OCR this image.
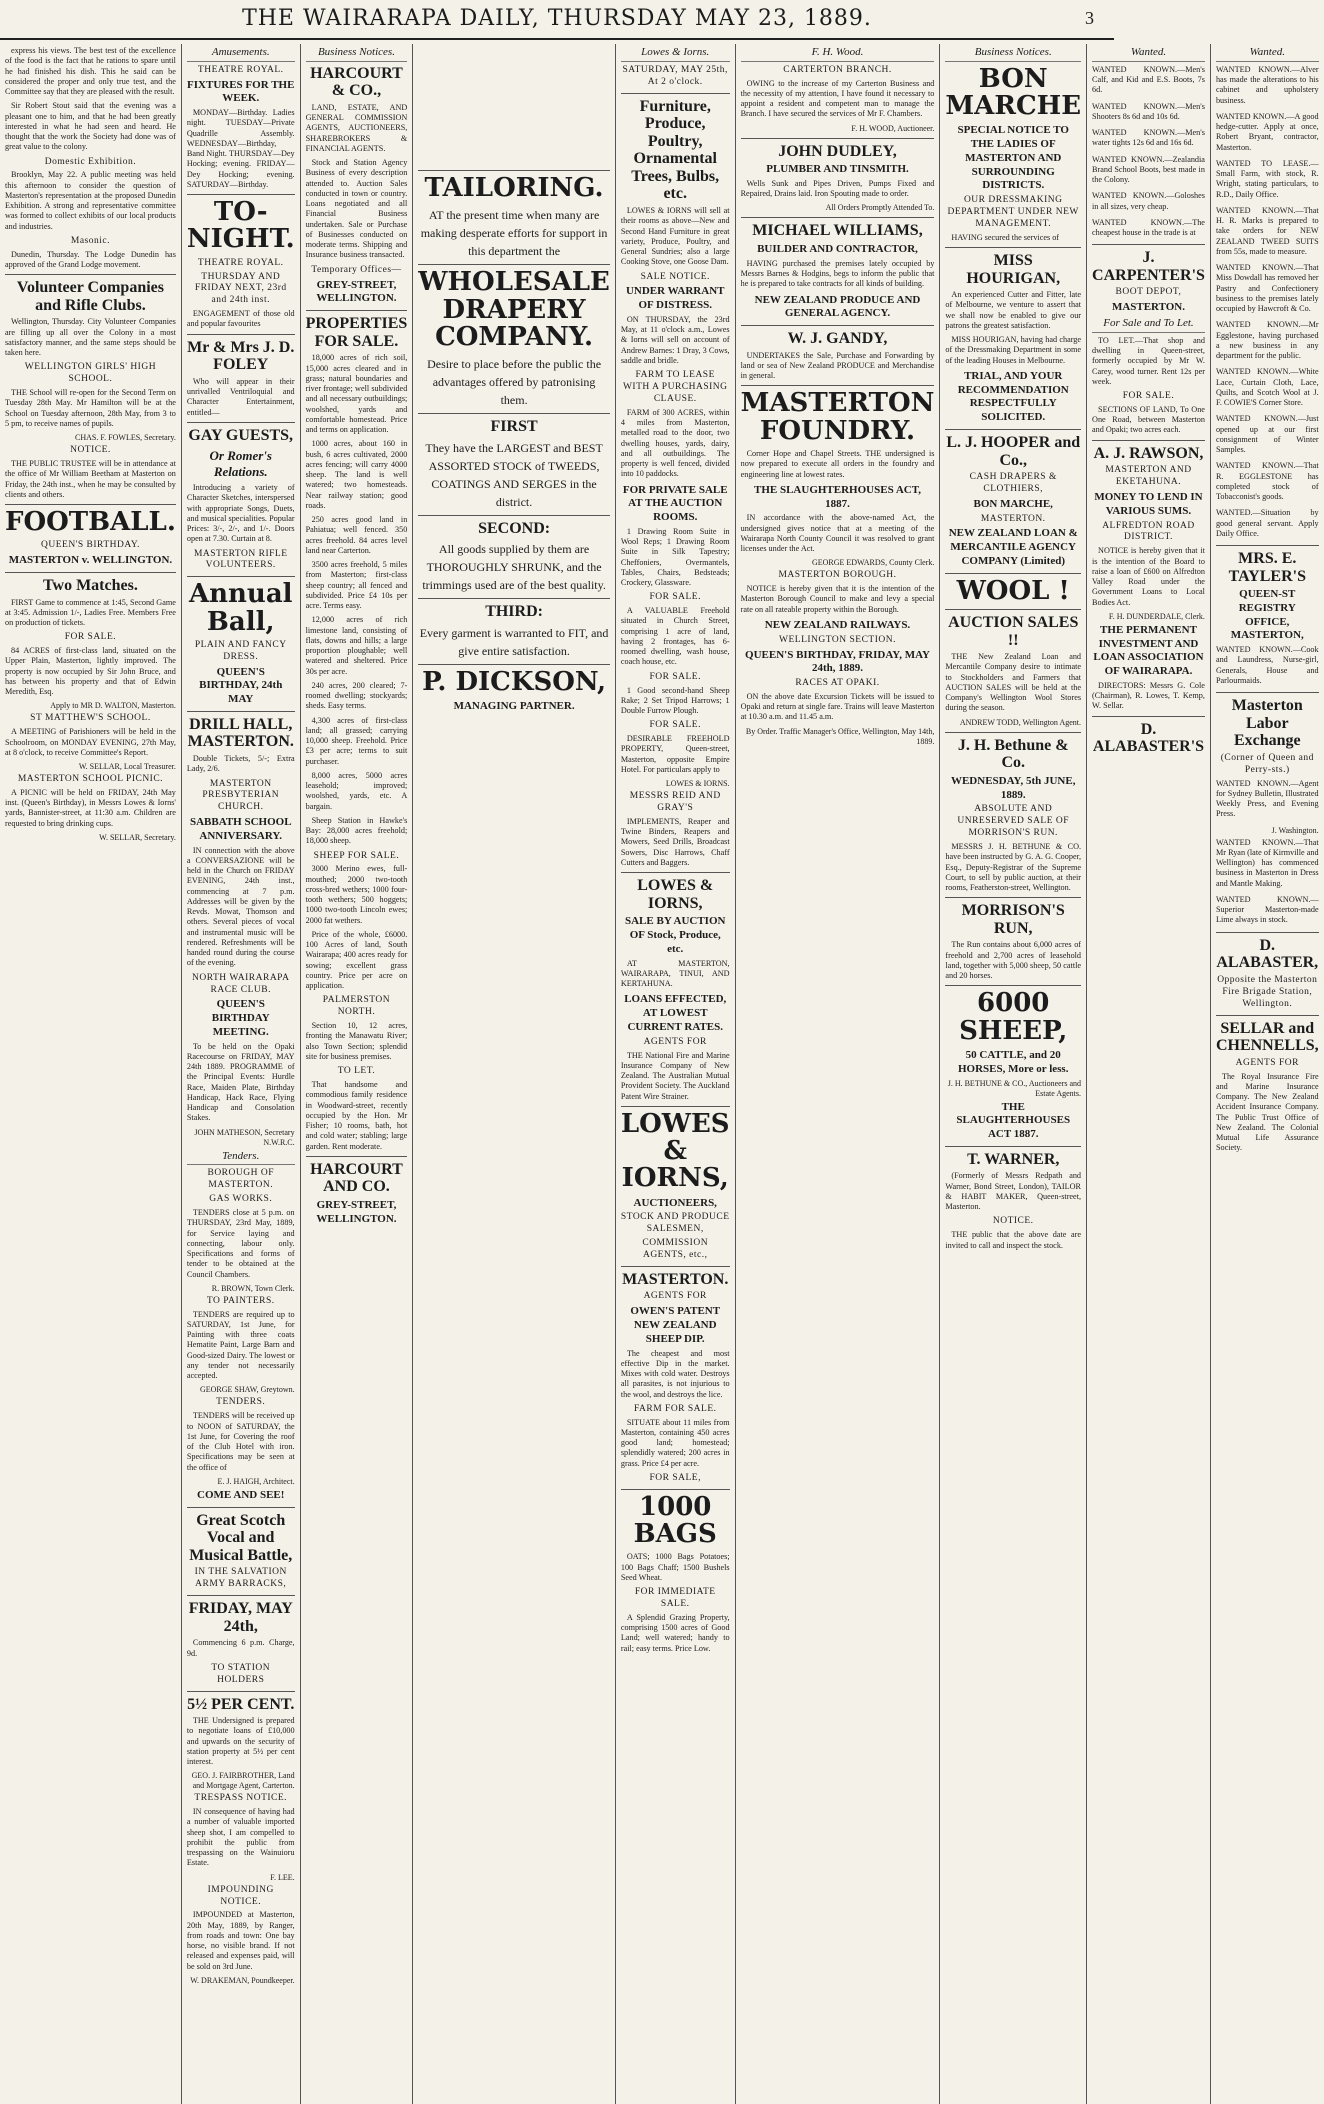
THE WAIRARAPA DAILY, THURSDAY MAY 23, 1889.	3
express his views. The best test of the excellence of the food is the fact that he rations to spare until he had finished his dish. This he said can be considered the proper and only true test, and the Committee say that they are pleased with the result.
Sir Robert Stout said that the evening was a pleasant one to him, and that he had been greatly interested in what he had seen and heard. He thought that the work the Society had done was of great value to the colony.
Domestic Exhibition.
Brooklyn, May 22. A public meeting was held this afternoon to consider the question of Masterton's representation at the proposed Dunedin Exhibition. A strong and representative committee was formed to collect exhibits of our local products and industries.
Masonic.
Dunedin, Thursday. The Lodge Dunedin has approved of the Grand Lodge movement.
Volunteer Companies and Rifle Clubs.
Wellington, Thursday. City Volunteer Companies are filling up all over the Colony in a most satisfactory manner, and the same steps should be taken here.
WELLINGTON GIRLS' HIGH SCHOOL.
THE School will re-open for the Second Term on Tuesday 28th May. Mr Hamilton will be at the School on Tuesday afternoon, 28th May, from 3 to 5 pm, to receive names of pupils.
CHAS. F. FOWLES, Secretary.
NOTICE.
THE PUBLIC TRUSTEE will be in attendance at the office of Mr William Beetham at Masterton on Friday, the 24th inst., when he may be consulted by clients and others.
FOOTBALL.
QUEEN'S BIRTHDAY.
MASTERTON v. WELLINGTON.
Two Matches.
FIRST Game to commence at 1:45, Second Game at 3:45. Admission 1/-, Ladies Free. Members Free on production of tickets.
FOR SALE.
84 ACRES of first-class land, situated on the Upper Plain, Masterton, lightly improved. The property is now occupied by Sir John Bruce, and has between his property and that of Edwin Meredith, Esq.
Apply to MR D. WALTON, Masterton.
ST MATTHEW'S SCHOOL.
A MEETING of Parishioners will be held in the Schoolroom, on MONDAY EVENING, 27th May, at 8 o'clock, to receive Committee's Report.
W. SELLAR, Local Treasurer.
MASTERTON SCHOOL PICNIC.
A PICNIC will be held on FRIDAY, 24th May inst. (Queen's Birthday), in Messrs Lowes & Iorns' yards, Bannister-street, at 11:30 a.m. Children are requested to bring drinking cups.
W. SELLAR, Secretary.
Amusements.
THEATRE ROYAL.
FIXTURES FOR THE WEEK.
MONDAY—Birthday. Ladies night. TUESDAY—Private Quadrille Assembly. WEDNESDAY—Birthday, Band Night. THURSDAY—Dey Hocking; evening. FRIDAY—Dey Hocking; evening. SATURDAY—Birthday.
TO-NIGHT.
THEATRE ROYAL.
THURSDAY AND FRIDAY NEXT, 23rd and 24th inst.
ENGAGEMENT of those old and popular favourites
Mr & Mrs J. D. FOLEY
Who will appear in their unrivalled Ventriloquial and Character Entertainment, entitled—
GAY GUESTS,
Or Romer's Relations.
Introducing a variety of Character Sketches, interspersed with appropriate Songs, Duets, and musical specialities. Popular Prices: 3/-, 2/-, and 1/-. Doors open at 7.30. Curtain at 8.
MASTERTON RIFLE VOLUNTEERS.
Annual Ball,
PLAIN AND FANCY DRESS.
QUEEN'S BIRTHDAY, 24th MAY
DRILL HALL, MASTERTON.
Double Tickets, 5/-; Extra Lady, 2/6.
MASTERTON PRESBYTERIAN CHURCH.
SABBATH SCHOOL ANNIVERSARY.
IN connection with the above a CONVERSAZIONE will be held in the Church on FRIDAY EVENING, 24th inst., commencing at 7 p.m. Addresses will be given by the Revds. Mowat, Thomson and others. Several pieces of vocal and instrumental music will be rendered. Refreshments will be handed round during the course of the evening.
NORTH WAIRARAPA RACE CLUB.
QUEEN'S BIRTHDAY MEETING.
To be held on the Opaki Racecourse on FRIDAY, MAY 24th 1889. PROGRAMME of the Principal Events: Hurdle Race, Maiden Plate, Birthday Handicap, Hack Race, Flying Handicap and Consolation Stakes.
JOHN MATHESON, Secretary N.W.R.C.
Tenders.
BOROUGH OF MASTERTON.
GAS WORKS.
TENDERS close at 5 p.m. on THURSDAY, 23rd May, 1889, for Service laying and connecting, labour only. Specifications and forms of tender to be obtained at the Council Chambers.
R. BROWN, Town Clerk.
TO PAINTERS.
TENDERS are required up to SATURDAY, 1st June, for Painting with three coats Hematite Paint, Large Barn and Good-sized Dairy. The lowest or any tender not necessarily accepted.
GEORGE SHAW, Greytown.
TENDERS.
TENDERS will be received up to NOON of SATURDAY, the 1st June, for Covering the roof of the Club Hotel with iron. Specifications may be seen at the office of
E. J. HAIGH, Architect.
COME AND SEE!
Great Scotch Vocal and Musical Battle,
IN THE SALVATION ARMY BARRACKS,
FRIDAY, MAY 24th,
Commencing 6 p.m. Charge, 9d.
TO STATION HOLDERS
5½ PER CENT.
THE Undersigned is prepared to negotiate loans of £10,000 and upwards on the security of station property at 5½ per cent interest.
GEO. J. FAIRBROTHER, Land and Mortgage Agent, Carterton.
TRESPASS NOTICE.
IN consequence of having had a number of valuable imported sheep shot, I am compelled to prohibit the public from trespassing on the Wainuioru Estate.
F. LEE.
IMPOUNDING NOTICE.
IMPOUNDED at Masterton, 20th May, 1889, by Ranger, from roads and town: One bay horse, no visible brand. If not released and expenses paid, will be sold on 3rd June.
W. DRAKEMAN, Poundkeeper.
Business Notices.
HARCOURT & CO.,
LAND, ESTATE, AND GENERAL COMMISSION AGENTS, AUCTIONEERS, SHAREBROKERS & FINANCIAL AGENTS.
Stock and Station Agency Business of every description attended to. Auction Sales conducted in town or country. Loans negotiated and all Financial Business undertaken. Sale or Purchase of Businesses conducted on moderate terms. Shipping and Insurance business transacted.
Temporary Offices—
GREY-STREET, WELLINGTON.
PROPERTIES FOR SALE.
18,000 acres of rich soil, 15,000 acres cleared and in grass; natural boundaries and river frontage; well subdivided and all necessary outbuildings; woolshed, yards and comfortable homestead. Price and terms on application.
1000 acres, about 160 in bush, 6 acres cultivated, 2000 acres fencing; will carry 4000 sheep. The land is well watered; two homesteads. Near railway station; good roads.
250 acres good land in Pahiatua; well fenced. 350 acres freehold. 84 acres level land near Carterton.
3500 acres freehold, 5 miles from Masterton; first-class sheep country; all fenced and subdivided. Price £4 10s per acre. Terms easy.
12,000 acres of rich limestone land, consisting of flats, downs and hills; a large proportion ploughable; well watered and sheltered. Price 30s per acre.
240 acres, 200 cleared; 7-roomed dwelling; stockyards; sheds. Easy terms.
4,300 acres of first-class land; all grassed; carrying 10,000 sheep. Freehold. Price £3 per acre; terms to suit purchaser.
8,000 acres, 5000 acres leasehold; improved; woolshed, yards, etc. A bargain.
Sheep Station in Hawke's Bay: 28,000 acres freehold; 18,000 sheep.
SHEEP FOR SALE.
3000 Merino ewes, full-mouthed; 2000 two-tooth cross-bred wethers; 1000 four-tooth wethers; 500 hoggets; 1000 two-tooth Lincoln ewes; 2000 fat wethers.
Price of the whole, £6000. 100 Acres of land, South Wairarapa; 400 acres ready for sowing; excellent grass country. Price per acre on application.
PALMERSTON NORTH.
Section 10, 12 acres, fronting the Manawatu River; also Town Section; splendid site for business premises.
TO LET.
That handsome and commodious family residence in Woodward-street, recently occupied by the Hon. Mr Fisher; 10 rooms, bath, hot and cold water; stabling; large garden. Rent moderate.
HARCOURT AND CO.
GREY-STREET, WELLINGTON.
TAILORING.
AT the present time when many are making desperate efforts for support in this department the
WHOLESALE DRAPERY COMPANY.
Desire to place before the public the advantages offered by patronising them.
FIRST
They have the LARGEST and BEST ASSORTED STOCK of TWEEDS, COATINGS AND SERGES in the district.
SECOND:
All goods supplied by them are THOROUGHLY SHRUNK, and the trimmings used are of the best quality.
THIRD:
Every garment is warranted to FIT, and give entire satisfaction.
P. DICKSON,
MANAGING PARTNER.
Lowes & Iorns.
SATURDAY, MAY 25th, At 2 o'clock.
Furniture, Produce, Poultry, Ornamental Trees, Bulbs, etc.
LOWES & IORNS will sell at their rooms as above—New and Second Hand Furniture in great variety, Produce, Poultry, and General Sundries; also a large Cooking Stove, one Goose Dam.
SALE NOTICE.
UNDER WARRANT OF DISTRESS.
ON THURSDAY, the 23rd May, at 11 o'clock a.m., Lowes & Iorns will sell on account of Andrew Barnes: 1 Dray, 3 Cows, saddle and bridle.
FARM TO LEASE WITH A PURCHASING CLAUSE.
FARM of 300 ACRES, within 4 miles from Masterton, metalled road to the door, two dwelling houses, yards, dairy, and all outbuildings. The property is well fenced, divided into 10 paddocks.
FOR PRIVATE SALE AT THE AUCTION ROOMS.
1 Drawing Room Suite in Wool Reps; 1 Drawing Room Suite in Silk Tapestry; Cheffoniers, Overmantels, Tables, Chairs, Bedsteads; Crockery, Glassware.
FOR SALE.
A VALUABLE Freehold situated in Church Street, comprising 1 acre of land, having 2 frontages, has 6-roomed dwelling, wash house, coach house, etc.
FOR SALE.
1 Good second-hand Sheep Rake; 2 Set Tripod Harrows; 1 Double Furrow Plough.
FOR SALE.
DESIRABLE FREEHOLD PROPERTY, Queen-street, Masterton, opposite Empire Hotel. For particulars apply to
LOWES & IORNS.
MESSRS REID AND GRAY'S
IMPLEMENTS, Reaper and Twine Binders, Reapers and Mowers, Seed Drills, Broadcast Sowers, Disc Harrows, Chaff Cutters and Baggers.
LOWES & IORNS,
SALE BY AUCTION OF Stock, Produce, etc.
AT MASTERTON, WAIRARAPA, TINUI, AND KERTAHUNA.
LOANS EFFECTED, AT LOWEST CURRENT RATES.
AGENTS FOR
THE National Fire and Marine Insurance Company of New Zealand. The Australian Mutual Provident Society. The Auckland Patent Wire Strainer.
LOWES & IORNS,
AUCTIONEERS,
STOCK AND PRODUCE SALESMEN,
COMMISSION AGENTS, etc.,
MASTERTON.
AGENTS FOR
OWEN'S PATENT NEW ZEALAND SHEEP DIP.
The cheapest and most effective Dip in the market. Mixes with cold water. Destroys all parasites, is not injurious to the wool, and destroys the lice.
FARM FOR SALE.
SITUATE about 11 miles from Masterton, containing 450 acres good land; homestead; splendidly watered; 200 acres in grass. Price £4 per acre.
FOR SALE,
1000 BAGS
OATS; 1000 Bags Potatoes; 100 Bags Chaff; 1500 Bushels Seed Wheat.
FOR IMMEDIATE SALE.
A Splendid Grazing Property, comprising 1500 acres of Good Land; well watered; handy to rail; easy terms. Price Low.
F. H. Wood.
CARTERTON BRANCH.
OWING to the increase of my Carterton Business and the necessity of my attention, I have found it necessary to appoint a resident and competent man to manage the Branch. I have secured the services of Mr F. Chambers.
F. H. WOOD, Auctioneer.
JOHN DUDLEY,
PLUMBER AND TINSMITH.
Wells Sunk and Pipes Driven, Pumps Fixed and Repaired, Drains laid. Iron Spouting made to order.
All Orders Promptly Attended To.
MICHAEL WILLIAMS,
BUILDER AND CONTRACTOR,
HAVING purchased the premises lately occupied by Messrs Barnes & Hodgins, begs to inform the public that he is prepared to take contracts for all kinds of building.
NEW ZEALAND PRODUCE AND GENERAL AGENCY.
W. J. GANDY,
UNDERTAKES the Sale, Purchase and Forwarding by land or sea of New Zealand PRODUCE and Merchandise in general.
MASTERTON FOUNDRY.
Corner Hope and Chapel Streets. THE undersigned is now prepared to execute all orders in the foundry and engineering line at lowest rates.
THE SLAUGHTERHOUSES ACT, 1887.
IN accordance with the above-named Act, the undersigned gives notice that at a meeting of the Wairarapa North County Council it was resolved to grant licenses under the Act.
GEORGE EDWARDS, County Clerk.
MASTERTON BOROUGH.
NOTICE is hereby given that it is the intention of the Masterton Borough Council to make and levy a special rate on all rateable property within the Borough.
NEW ZEALAND RAILWAYS.
WELLINGTON SECTION.
QUEEN'S BIRTHDAY, FRIDAY, MAY 24th, 1889.
RACES AT OPAKI.
ON the above date Excursion Tickets will be issued to Opaki and return at single fare. Trains will leave Masterton at 10.30 a.m. and 11.45 a.m.
By Order. Traffic Manager's Office, Wellington, May 14th, 1889.
Business Notices.
BON MARCHE
SPECIAL NOTICE TO THE LADIES OF MASTERTON AND SURROUNDING DISTRICTS.
OUR DRESSMAKING DEPARTMENT UNDER NEW MANAGEMENT.
HAVING secured the services of
MISS HOURIGAN,
An experienced Cutter and Fitter, late of Melbourne, we venture to assert that we shall now be enabled to give our patrons the greatest satisfaction.
MISS HOURIGAN, having had charge of the Dressmaking Department in some of the leading Houses in Melbourne.
TRIAL, AND YOUR RECOMMENDATION RESPECTFULLY SOLICITED.
L. J. HOOPER and Co.,
CASH DRAPERS & CLOTHIERS,
BON MARCHE,
MASTERTON.
NEW ZEALAND LOAN & MERCANTILE AGENCY COMPANY (Limited)
WOOL !
AUCTION SALES !!
THE New Zealand Loan and Mercantile Company desire to intimate to Stockholders and Farmers that AUCTION SALES will be held at the Company's Wellington Wool Stores during the season.
ANDREW TODD, Wellington Agent.
J. H. Bethune & Co.
WEDNESDAY, 5th JUNE, 1889.
ABSOLUTE AND UNRESERVED SALE OF MORRISON'S RUN.
MESSRS J. H. BETHUNE & CO. have been instructed by G. A. G. Cooper, Esq., Deputy-Registrar of the Supreme Court, to sell by public auction, at their rooms, Featherston-street, Wellington.
MORRISON'S RUN,
The Run contains about 6,000 acres of freehold and 2,700 acres of leasehold land, together with 5,000 sheep, 50 cattle and 20 horses.
6000 SHEEP,
50 CATTLE, and 20 HORSES, More or less.
J. H. BETHUNE & CO., Auctioneers and Estate Agents.
THE SLAUGHTERHOUSES ACT 1887.
T. WARNER,
(Formerly of Messrs Redpath and Warner, Bond Street, London), TAILOR & HABIT MAKER, Queen-street, Masterton.
NOTICE.
THE public that the above date are invited to call and inspect the stock.
Wanted.
WANTED KNOWN.—Men's Calf, and Kid and E.S. Boots, 7s 6d.
WANTED KNOWN.—Men's Shooters 8s 6d and 10s 6d.
WANTED KNOWN.—Men's water tights 12s 6d and 16s 6d.
WANTED KNOWN.—Zealandia Brand School Boots, best made in the Colony.
WANTED KNOWN.—Goloshes in all sizes, very cheap.
WANTED KNOWN.—The cheapest house in the trade is at
J. CARPENTER'S
BOOT DEPOT,
MASTERTON.
For Sale and To Let.
TO LET.—That shop and dwelling in Queen-street, formerly occupied by Mr W. Carey, wood turner. Rent 12s per week.
FOR SALE.
SECTIONS OF LAND, To One One Road, between Masterton and Opaki; two acres each.
A. J. RAWSON,
MASTERTON AND EKETAHUNA.
MONEY TO LEND IN VARIOUS SUMS.
ALFREDTON ROAD DISTRICT.
NOTICE is hereby given that it is the intention of the Board to raise a loan of £600 on Alfredton Valley Road under the Government Loans to Local Bodies Act.
F. H. DUNDERDALE, Clerk.
THE PERMANENT INVESTMENT AND LOAN ASSOCIATION OF WAIRARAPA.
DIRECTORS: Messrs G. Cole (Chairman), R. Lowes, T. Kemp, W. Sellar.
D. ALABASTER'S
Wanted.
WANTED KNOWN.—Alver has made the alterations to his cabinet and upholstery business.
WANTED KNOWN.—A good hedge-cutter. Apply at once, Robert Bryant, contractor, Masterton.
WANTED TO LEASE.—Small Farm, with stock, R. Wright, stating particulars, to R.D., Daily Office.
WANTED KNOWN.—That H. R. Marks is prepared to take orders for NEW ZEALAND TWEED SUITS from 55s, made to measure.
WANTED KNOWN.—That Miss Dowdall has removed her Pastry and Confectionery business to the premises lately occupied by Hawcroft & Co.
WANTED KNOWN.—Mr Egglestone, having purchased a new business in any department for the public.
WANTED KNOWN.—White Lace, Curtain Cloth, Lace, Quilts, and Scotch Wool at J. F. COWIE'S Corner Store.
WANTED KNOWN.—Just opened up at our first consignment of Winter Samples.
WANTED KNOWN.—That R. EGGLESTONE has completed stock of Tobacconist's goods.
WANTED.—Situation by good general servant. Apply Daily Office.
MRS. E. TAYLER'S
QUEEN-ST REGISTRY OFFICE, MASTERTON,
WANTED KNOWN.—Cook and Laundress, Nurse-girl, Generals, House and Parlourmaids.
Masterton Labor Exchange
(Corner of Queen and Perry-sts.)
WANTED KNOWN.—Agent for Sydney Bulletin, Illustrated Weekly Press, and Evening Press.
J. Washington.
WANTED KNOWN.—That Mr Ryan (late of Kirmville and Wellington) has commenced business in Masterton in Dress and Mantle Making.
WANTED KNOWN.—Superior Masterton-made Lime always in stock.
D. ALABASTER,
Opposite the Masterton Fire Brigade Station, Wellington.
SELLAR and CHENNELLS,
AGENTS FOR
The Royal Insurance Fire and Marine Insurance Company. The New Zealand Accident Insurance Company. The Public Trust Office of New Zealand. The Colonial Mutual Life Assurance Society.
